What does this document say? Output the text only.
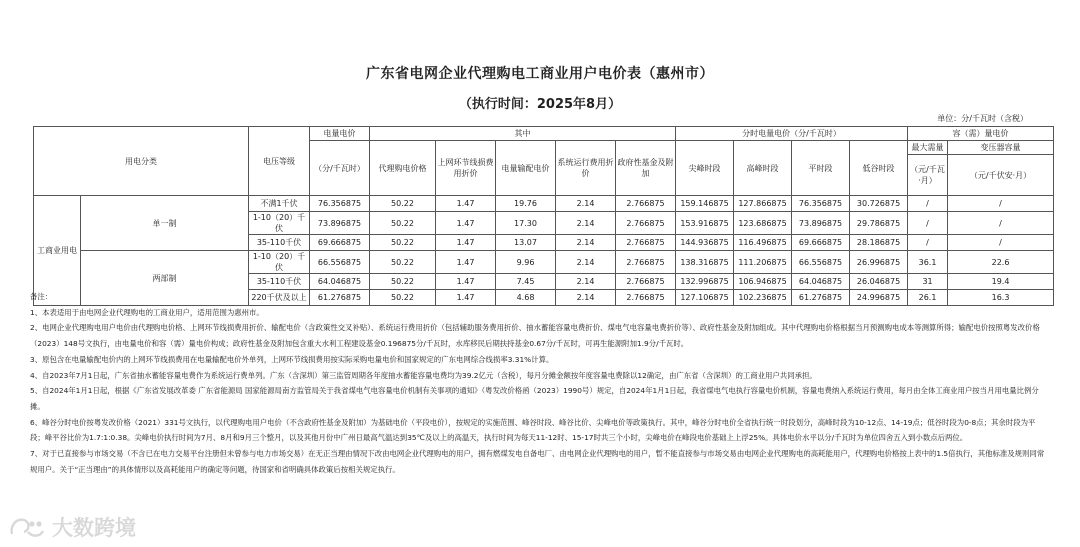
广东省电网企业代理购电工商业用户电价表（惠州市）
（执行时间：2025年8月）
单位：分/千瓦时（含税）
用电分类		电压等级	电量电价	其中					分时电量电价（分/千瓦时）				容（需）量电价	
			（分/千瓦时）	代理购电价格	上网环节线损费用折价	电量输配电价	系统运行费用折价	政府性基金及附加	尖峰时段	高峰时段	平时段	低谷时段	最大需量	变压器容量
													（元/千瓦·月）	（元/千伏安·月）
工商业用电	单一制	不满1千伏	76.356875	50.22	1.47	19.76	2.14	2.766875	159.146875	127.866875	76.356875	30.726875	/	/
		1-10（20）千伏	73.896875	50.22	1.47	17.30	2.14	2.766875	153.916875	123.686875	73.896875	29.786875	/	/
		35-110千伏	69.666875	50.22	1.47	13.07	2.14	2.766875	144.936875	116.496875	69.666875	28.186875	/	/
	两部制	1-10（20）千伏	66.556875	50.22	1.47	9.96	2.14	2.766875	138.316875	111.206875	66.556875	26.996875	36.1	22.6
		35-110千伏	64.046875	50.22	1.47	7.45	2.14	2.766875	132.996875	106.946875	64.046875	26.046875	31	19.4
		220千伏及以上	61.276875	50.22	1.47	4.68	2.14	2.766875	127.106875	102.236875	61.276875	24.996875	26.1	16.3
备注：
1、本表适用于由电网企业代理购电的工商业用户，适用范围为惠州市。
2、电网企业代理购电用户电价由代理购电价格、上网环节线损费用折价、输配电价（含政策性交叉补贴）、系统运行费用折价（包括辅助服务费用折价、抽水蓄能容量电费折价、煤电气电容量电费折价等）、政府性基金及附加组成。其中代理购电价格根据当月预测购电成本等测算所得；输配电价按照粤发改价格（2023）148号文执行，由电量电价和容（需）量电价构成；政府性基金及附加包含重大水利工程建设基金0.196875分/千瓦时，水库移民后期扶持基金0.67分/千瓦时，可再生能源附加1.9分/千瓦时。
3、原包含在电量输配电价内的上网环节线损费用在电量输配电价外单列，上网环节线损费用按实际采购电量电价和国家规定的广东电网综合线损率3.31%计算。
4、自2023年7月1日起，广东省抽水蓄能容量电费作为系统运行费单列。广东（含深圳）第三监管周期各年度抽水蓄能容量电费均为39.2亿元（含税），每月分摊金额按年度容量电费除以12确定，由广东省（含深圳）的工商业用户共同承担。
5、自2024年1月1日起，根据《广东省发展改革委 广东省能源局 国家能源局南方监管局关于我省煤电气电容量电价机制有关事项的通知》（粤发改价格函（2023）1990号）规定，自2024年1月1日起，我省煤电气电执行容量电价机制，容量电费纳入系统运行费用，每月由全体工商业用户按当月用电量比例分摊。
6、峰谷分时电价按粤发改价格（2021）331号文执行，以代理购电用户电价（不含政府性基金及附加）为基础电价（平段电价），按规定的实施范围、峰谷时段、峰谷比价、尖峰电价等政策执行。其中，峰谷分时电价全省执行统一时段划分，高峰时段为10-12点、14-19点；低谷时段为0-8点；其余时段为平段；峰平谷比价为1.7:1:0.38。尖峰电价执行时间为7月、8月和9月三个整月，以及其他月份中广州日最高气温达到35℃及以上的高温天，执行时间为每天11-12时、15-17时共三个小时，尖峰电价在峰段电价基础上上浮25%。具体电价水平以分/千瓦时为单位四舍五入到小数点后两位。
7、对于已直接参与市场交易（不含已在电力交易平台注册但未曾参与电力市场交易）在无正当理由情况下改由电网企业代理购电的用户，拥有燃煤发电自备电厂、由电网企业代理购电的用户，暂不能直接参与市场交易由电网企业代理购电的高耗能用户，代理购电价格按上表中的1.5倍执行，其他标准及规则同常规用户。关于“正当理由”的具体情形以及高耗能用户的确定等问题，待国家和省明确具体政策后按相关规定执行。
大数跨境
